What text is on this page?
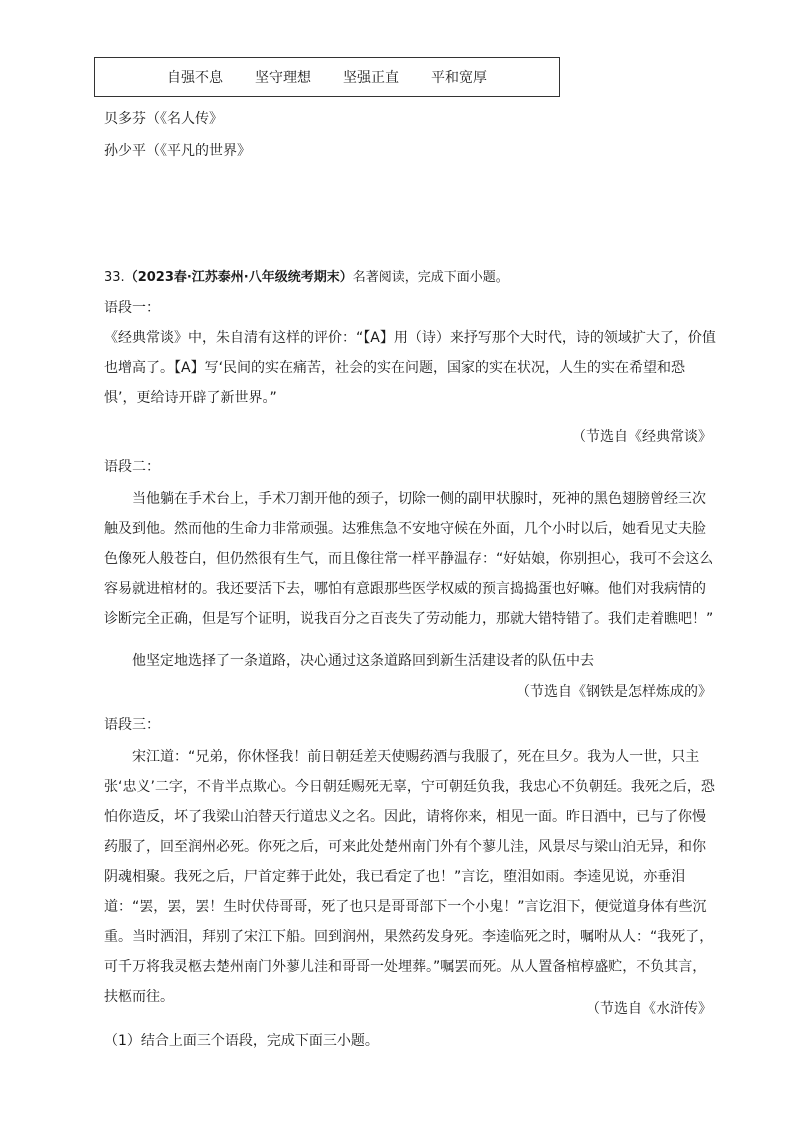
自强不息 坚守理想 坚强正直 平和宽厚
贝多芬（《名人传》
孙少平（《平凡的世界》
33.（2023春·江苏泰州·八年级统考期末）名著阅读，完成下面小题。
语段一：
《经典常谈》中，朱自清有这样的评价：“【A】用（诗）来抒写那个大时代，诗的领域扩大了，价值也增高了。【A】写‘民间的实在痛苦，社会的实在问题，国家的实在状况，人生的实在希望和恐惧’，更给诗开辟了新世界。”
（节选自《经典常谈》
语段二：
当他躺在手术台上，手术刀割开他的颈子，切除一侧的副甲状腺时，死神的黑色翅膀曾经三次触及到他。然而他的生命力非常顽强。达雅焦急不安地守候在外面，几个小时以后，她看见丈夫脸色像死人般苍白，但仍然很有生气，而且像往常一样平静温存：“好姑娘，你别担心，我可不会这么容易就进棺材的。我还要活下去，哪怕有意跟那些医学权威的预言捣捣蛋也好嘛。他们对我病情的诊断完全正确，但是写个证明，说我百分之百丧失了劳动能力，那就大错特错了。我们走着瞧吧！”
他坚定地选择了一条道路，决心通过这条道路回到新生活建设者的队伍中去
（节选自《钢铁是怎样炼成的》
语段三：
宋江道：“兄弟，你休怪我！前日朝廷差天使赐药酒与我服了，死在旦夕。我为人一世，只主张‘忠义’二字，不肯半点欺心。今日朝廷赐死无辜，宁可朝廷负我，我忠心不负朝廷。我死之后，恐怕你造反，坏了我梁山泊替天行道忠义之名。因此，请将你来，相见一面。昨日酒中，已与了你慢药服了，回至润州必死。你死之后，可来此处楚州南门外有个蓼儿洼，风景尽与梁山泊无异，和你阴魂相聚。我死之后，尸首定葬于此处，我已看定了也！”言讫，堕泪如雨。李逵见说，亦垂泪道：“罢，罢，罢！生时伏侍哥哥，死了也只是哥哥部下一个小鬼！”言讫泪下，便觉道身体有些沉重。当时洒泪，拜别了宋江下船。回到润州，果然药发身死。李逵临死之时，嘱咐从人：“我死了，可千万将我灵柩去楚州南门外蓼儿洼和哥哥一处埋葬。”嘱罢而死。从人置备棺椁盛贮，不负其言，扶柩而往。
（节选自《水浒传》
（1）结合上面三个语段，完成下面三小题。
